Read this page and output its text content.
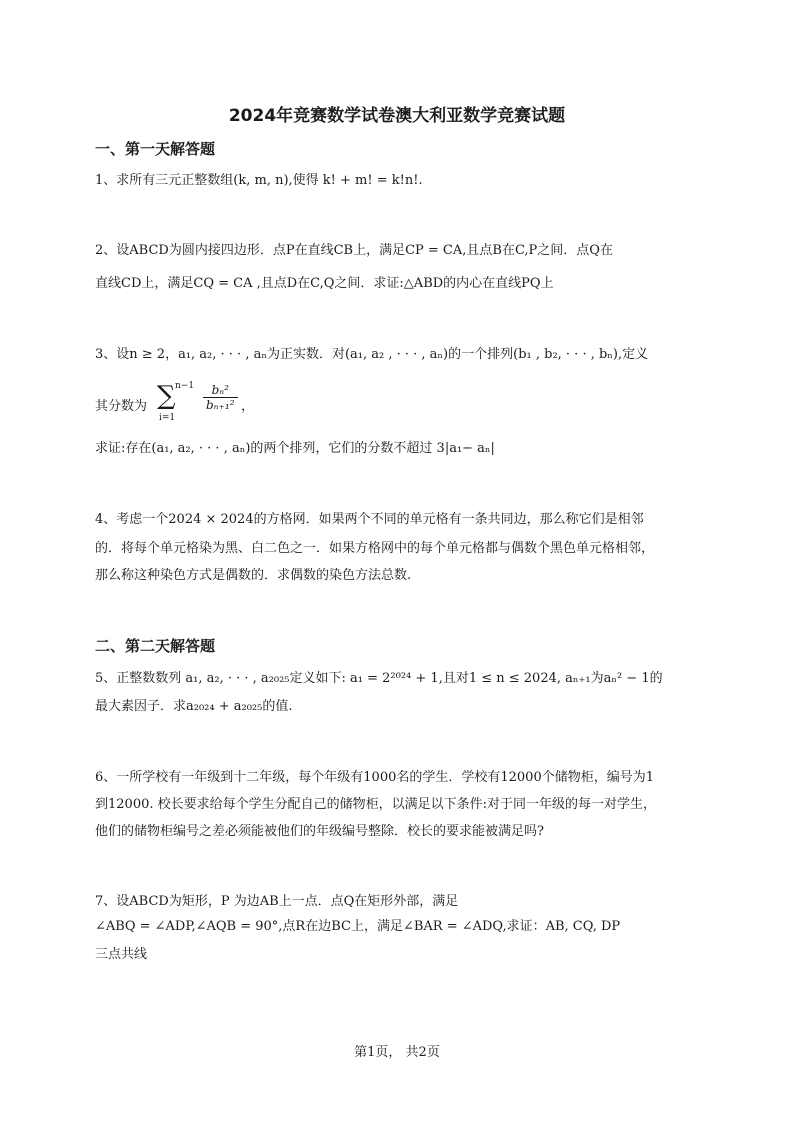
2024年竞赛数学试卷澳大利亚数学竞赛试题
一、第一天解答题
1、求所有三元正整数组(k, m, n),使得 k! + m! = k!n!.
2、设ABCD为圆内接四边形．点P在直线CB上，满足CP = CA,且点B在C,P之间．点Q在
直线CD上，满足CQ = CA ,且点D在C,Q之间．求证:△ABD的内心在直线PQ上
3、设n ≥ 2，a₁, a₂, · · · , aₙ为正实数．对(a₁, a₂ , · · · , aₙ)的一个排列(b₁ , b₂, · · · , bₙ),定义
其分数为 ∑ n−1
i=1
$\frac{\text{bₙ²}}{\text{bₙ₊₁²}}$ ，
求证:存在(a₁, a₂, · · · , aₙ)的两个排列，它们的分数不超过 3|a₁− aₙ|
4、考虑一个2024 × 2024的方格网．如果两个不同的单元格有一条共同边，那么称它们是相邻
的．将每个单元格染为黑、白二色之一．如果方格网中的每个单元格都与偶数个黑色单元格相邻，
那么称这种染色方式是偶数的．求偶数的染色方法总数.
二、第二天解答题
5、正整数数列 a₁, a₂, · · · , a₂₀₂₅定义如下: a₁ = 2²⁰²⁴ + 1,且对1 ≤ n ≤ 2024, aₙ₊₁为aₙ² − 1的
最大素因子．求a₂₀₂₄ + a₂₀₂₅的值.
6、一所学校有一年级到十二年级，每个年级有1000名的学生．学校有12000个储物柜，编号为1
到12000. 校长要求给每个学生分配自己的储物柜，以满足以下条件:对于同一年级的每一对学生，
他们的储物柜编号之差必须能被他们的年级编号整除．校长的要求能被满足吗?
7、设ABCD为矩形，P 为边AB上一点．点Q在矩形外部，满足
∠ABQ = ∠ADP,∠AQB = 90°,点R在边BC上，满足∠BAR = ∠ADQ,求证：AB, CQ, DP
三点共线
第1页， 共2页
